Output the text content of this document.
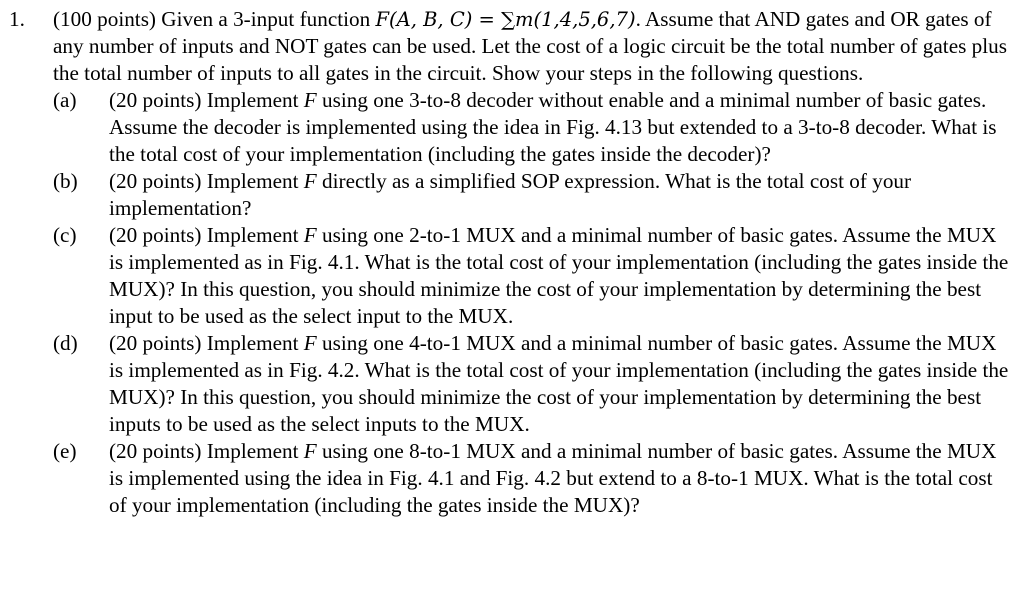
1. (100 points) Given a 3-input function F(A, B, C) = ∑m(1,4,5,6,7). Assume that AND gates and OR gates of any number of inputs and NOT gates can be used. Let the cost of a logic circuit be the total number of gates plus the total number of inputs to all gates in the circuit. Show your steps in the following questions.

(a) (20 points) Implement F using one 3-to-8 decoder without enable and a minimal number of basic gates. Assume the decoder is implemented using the idea in Fig. 4.13 but extended to a 3-to-8 decoder. What is the total cost of your implementation (including the gates inside the decoder)?
(b) (20 points) Implement F directly as a simplified SOP expression. What is the total cost of your implementation?
(c) (20 points) Implement F using one 2-to-1 MUX and a minimal number of basic gates. Assume the MUX is implemented as in Fig. 4.1. What is the total cost of your implementation (including the gates inside the MUX)? In this question, you should minimize the cost of your implementation by determining the best input to be used as the select input to the MUX.
(d) (20 points) Implement F using one 4-to-1 MUX and a minimal number of basic gates. Assume the MUX is implemented as in Fig. 4.2. What is the total cost of your implementation (including the gates inside the MUX)? In this question, you should minimize the cost of your implementation by determining the best inputs to be used as the select inputs to the MUX.
(e) (20 points) Implement F using one 8-to-1 MUX and a minimal number of basic gates. Assume the MUX is implemented using the idea in Fig. 4.1 and Fig. 4.2 but extend to a 8-to-1 MUX. What is the total cost of your implementation (including the gates inside the MUX)?
